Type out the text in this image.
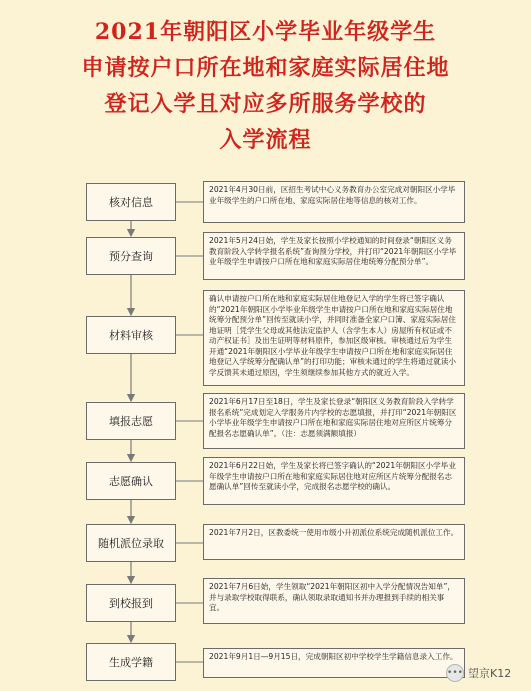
2021年朝阳区小学毕业年级学生
申请按户口所在地和家庭实际居住地
登记入学且对应多所服务学校的
入学流程
核对信息
2021年4月30日前，区招生考试中心义务教育办公室完成对朝阳区小学毕业年级学生的户口所在地、家庭实际居住地等信息的核对工作。
预分查询
2021年5月24日始，学生及家长按照小学校通知的时间登录“朝阳区义务教育阶段入学转学报名系统”查询预分学校，并打印“2021年朝阳区小学毕业年级学生申请按户口所在地和家庭实际居住地统筹分配预分单”。
材料审核
确认申请按户口所在地和家庭实际居住地登记入学的学生将已签字确认的“2021年朝阳区小学毕业年级学生申请按户口所在地和家庭实际居住地统筹分配预分单”回传至就读小学，并同时准备全家户口簿、家庭实际居住地证明［凭学生父母或其他法定监护人（含学生本人）房屋所有权证或不动产权证书］及出生证明等材料原件，参加区级审核。审核通过后为学生开通“2021年朝阳区小学毕业年级学生申请按户口所在地和家庭实际居住地登记入学统筹分配确认单”的打印功能；审核未通过的学生将通过就读小学反馈其未通过原因，学生须继续参加其他方式的就近入学。
填报志愿
2021年6月17日至18日，学生及家长登录“朝阳区义务教育阶段入学转学报名系统”完成划定入学服务片内学校的志愿填报，并打印“2021年朝阳区小学毕业年级学生申请按户口所在地和家庭实际居住地对应所区片统筹分配报名志愿确认单”。（注：志愿须满额填报）
志愿确认
2021年6月22日始，学生及家长将已签字确认的“2021年朝阳区小学毕业年级学生申请按户口所在地和家庭实际居住地对应所区片统筹分配报名志愿确认单”回传至就读小学，完成报名志愿学校的确认。
随机派位录取
2021年7月2日，区教委统一使用市级小升初派位系统完成随机派位工作。
到校报到
2021年7月6日始，学生领取“2021年朝阳区初中入学分配情况告知单”，并与录取学校取得联系，确认领取录取通知书并办理报到手续的相关事宜。
生成学籍	2021年9月1日—9月15日，完成朝阳区初中学校学生学籍信息录入工作。
••• 望京K12
